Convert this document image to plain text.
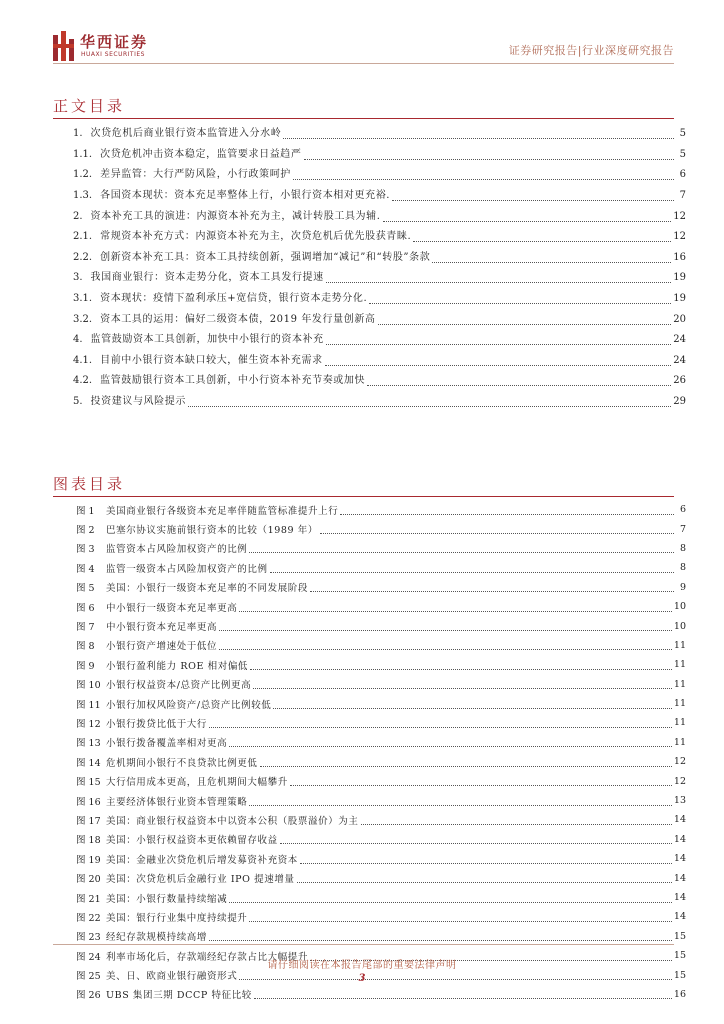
华西证券
HUAXI SECURITIES	证券研究报告|行业深度研究报告
正文目录
1. 次贷危机后商业银行资本监管进入分水岭	5
1.1. 次贷危机冲击资本稳定，监管要求日益趋严	5
1.2. 差异监管：大行严防风险，小行政策呵护	6
1.3. 各国资本现状：资本充足率整体上行，小银行资本相对更充裕.	7
2. 资本补充工具的演进：内源资本补充为主，减计转股工具为辅.	12
2.1. 常规资本补充方式：内源资本补充为主，次贷危机后优先股获青睐.	12
2.2. 创新资本补充工具：资本工具持续创新，强调增加“减记”和“转股”条款	16
3. 我国商业银行：资本走势分化，资本工具发行提速	19
3.1. 资本现状：疫情下盈利承压+宽信贷，银行资本走势分化.	19
3.2. 资本工具的运用：偏好二级资本债，2019 年发行量创新高	20
4. 监管鼓励资本工具创新，加快中小银行的资本补充	24
4.1. 目前中小银行资本缺口较大，催生资本补充需求	24
4.2. 监管鼓励银行资本工具创新，中小行资本补充节奏或加快	26
5. 投资建议与风险提示	29
图表目录
图 1	美国商业银行各级资本充足率伴随监管标准提升上行	6
图 2	巴塞尔协议实施前银行资本的比较（1989 年）	7
图 3	监管资本占风险加权资产的比例	8
图 4	监管一级资本占风险加权资产的比例	8
图 5	美国：小银行一级资本充足率的不同发展阶段	9
图 6	中小银行一级资本充足率更高	10
图 7	中小银行资本充足率更高	10
图 8	小银行资产增速处于低位	11
图 9	小银行盈利能力 ROE 相对偏低	11
图 10 小银行权益资本/总资产比例更高	11
图 11 小银行加权风险资产/总资产比例较低	11
图 12 小银行拨贷比低于大行	11
图 13 小银行拨备覆盖率相对更高	11
图 14 危机期间小银行不良贷款比例更低	12
图 15 大行信用成本更高，且危机期间大幅攀升	12
图 16 主要经济体银行业资本管理策略	13
图 17 美国：商业银行权益资本中以资本公积（股票溢价）为主	14
图 18 美国：小银行权益资本更依赖留存收益	14
图 19 美国：金融业次贷危机后增发募资补充资本	14
图 20 美国：次贷危机后金融行业 IPO 提速增量	14
图 21 美国：小银行数量持续缩减	14
图 22 美国：银行行业集中度持续提升	14
图 23 经纪存款规模持续高增	15
图 24 利率市场化后，存款端经纪存款占比大幅提升	15
图 25 美、日、欧商业银行融资形式	15
图 26 UBS 集团三期 DCCP 特征比较	16
请仔细阅读在本报告尾部的重要法律声明
3
